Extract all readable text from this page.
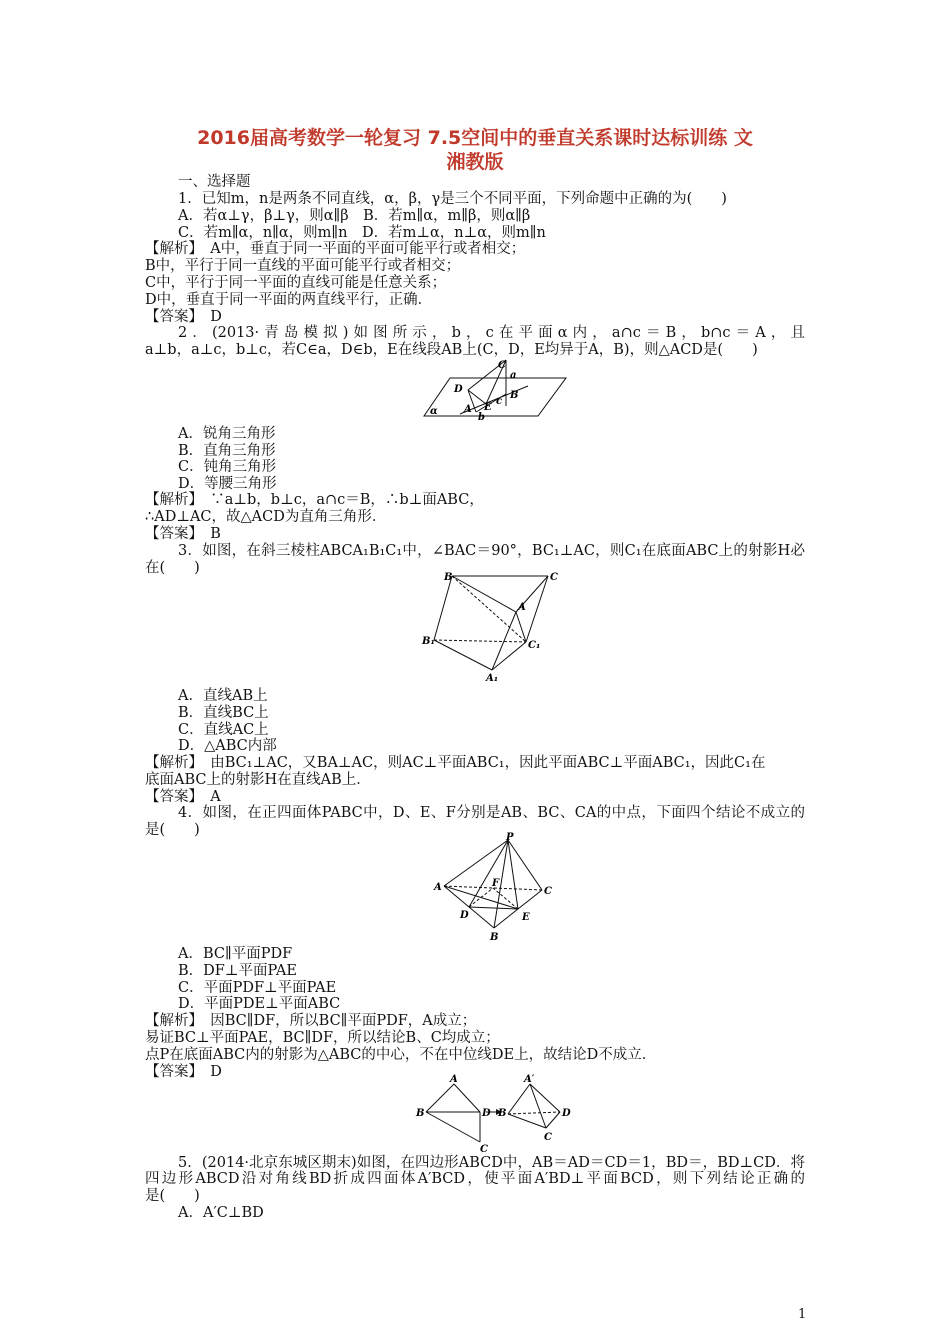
2016届高考数学一轮复习 7.5空间中的垂直关系课时达标训练 文
湘教版
一、选择题
1．已知m，n是两条不同直线，α，β，γ是三个不同平面，下列命题中正确的为(　　)
A．若α⊥γ，β⊥γ，则α∥β　B．若m∥α，m∥β，则α∥β
C．若m∥α，n∥α，则m∥n　D．若m⊥α，n⊥α，则m∥n
【解析】　A中，垂直于同一平面的平面可能平行或者相交；
B中，平行于同一直线的平面可能平行或者相交；
C中，平行于同一平面的直线可能是任意关系；
D中，垂直于同一平面的两直线平行，正确．
【答案】　D
2．(2013·青岛模拟)如图所示，b，c在平面α内，a∩c＝B，b∩c＝A，且
a⊥b，a⊥c，b⊥c，若C∈a，D∈b，E在线段AB上(C，D，E均异于A，B)，则△ACD是(　　)
D
C
a
B
A E
c
b
α
A．锐角三角形
B．直角三角形
C．钝角三角形
D．等腰三角形
【解析】　∵a⊥b，b⊥c，a∩c＝B，∴b⊥面ABC，
∴AD⊥AC，故△ACD为直角三角形．
【答案】　B
3．如图，在斜三棱柱ABCA₁B₁C₁中，∠BAC＝90°，BC₁⊥AC，则C₁在底面ABC上的射影H必
在(　　)
B	C
A
B₁	C₁
A₁
A．直线AB上
B．直线BC上
C．直线AC上
D．△ABC内部
【解析】　由BC₁⊥AC，又BA⊥AC，则AC⊥平面ABC₁，因此平面ABC⊥平面ABC₁，因此C₁在
底面ABC上的射影H在直线AB上．
【答案】　A
4．如图，在正四面体PABC中，D、E、F分别是AB、BC、CA的中点，下面四个结论不成立的
是(　　)	P
A	F
C
D	E
B
A．BC∥平面PDF
B．DF⊥平面PAE
C．平面PDF⊥平面PAE
D．平面PDE⊥平面ABC
【解析】　因BC∥DF，所以BC∥平面PDF，A成立；
易证BC⊥平面PAE，BC∥DF，所以结论B、C均成立；
点P在底面ABC内的射影为△ABC的中心，不在中位线DE上，故结论D不成立．
【答案】　D	A
B	D
C
A′
B	D
C
5．(2014·北京东城区期末)如图，在四边形ABCD中，AB＝AD＝CD＝1，BD＝，BD⊥CD．将
四边形ABCD沿对角线BD折成四面体A′BCD，使平面A′BD⊥平面BCD，则下列结论正确的
是(　　)
A．A′C⊥BD
1
